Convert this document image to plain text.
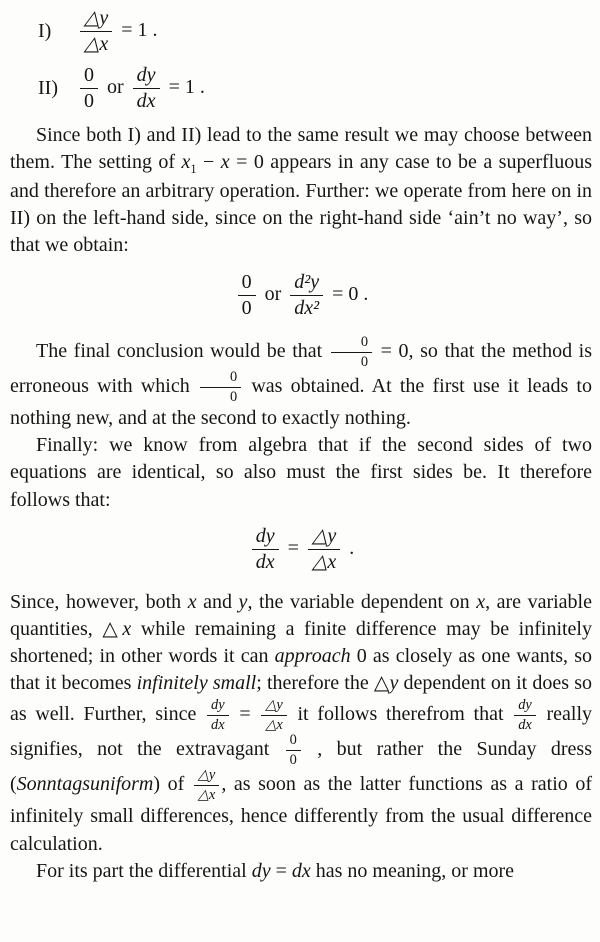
I)	$\frac{\triangle y}{\triangle x} = 1$ .
II)	$\frac{0}{0}$ or $\frac{dy}{dx} = 1$ .

Since both I) and II) lead to the same result we may choose between them. The setting of $x_1 - x = 0$ appears in any case to be a superfluous and therefore an arbitrary operation. Further: we operate from here on in II) on the left-hand side, since on the right-hand side ‘ain’t no way’, so that we obtain:

$\frac{0}{0}$ or $\frac{\text{d²y}}{\text{dx²}} = 0$ .

The final conclusion would be that $\frac{0}{0} = 0$, so that the method is erroneous with which $\frac{0}{0}$ was obtained. At the first use it leads to nothing new, and at the second to exactly nothing.

Finally: we know from algebra that if the second sides of two equations are identical, so also must the first sides be. It therefore follows that:

$\frac{dy}{dx} = \frac{\triangle y}{\triangle x}$ .

Since, however, both x and y, the variable dependent on x, are variable quantities, △x while remaining a finite difference may be infinitely shortened; in other words it can approach 0 as closely as one wants, so that it becomes infinitely small; therefore the △y dependent on it does so as well. Further, since $\frac{dy}{dx} = \frac{\triangle y}{\triangle x}$ it follows therefrom that $\frac{dy}{dx}$ really signifies, not the extravagant $\frac{0}{0}$ , but rather the Sunday dress (Sonntagsuniform) of $\frac{\triangle y}{\triangle x}$ , as soon as the latter functions as a ratio of infinitely small differences, hence differently from the usual difference calculation.

For its part the differential dy = dx has no meaning, or more
